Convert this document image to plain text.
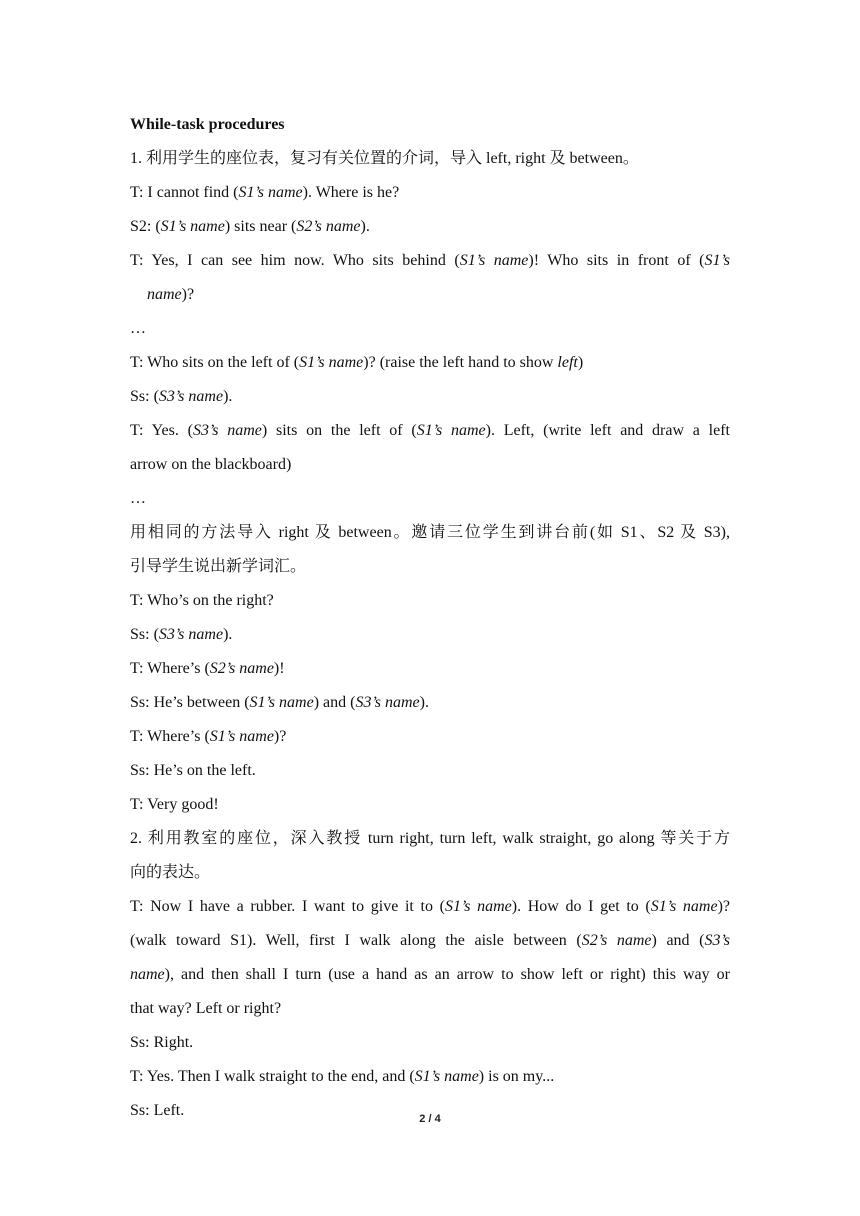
While-task procedures
1. 利用学生的座位表，复习有关位置的介词，导入 left, right 及 between。
T: I cannot find (S1’s name). Where is he?
S2: (S1’s name) sits near (S2’s name).
T: Yes, I can see him now. Who sits behind (S1’s name)! Who sits in front of (S1’s
name)?
…
T: Who sits on the left of (S1’s name)? (raise the left hand to show left)
Ss: (S3’s name).
T: Yes. (S3’s name) sits on the left of (S1’s name). Left, (write left and draw a left
arrow on the blackboard)
…
用相同的方法导入 right 及 between。邀请三位学生到讲台前(如 S1、S2 及 S3),
引导学生说出新学词汇。
T: Who’s on the right?
Ss: (S3’s name).
T: Where’s (S2’s name)!
Ss: He’s between (S1’s name) and (S3’s name).
T: Where’s (S1’s name)?
Ss: He’s on the left.
T: Very good!
2. 利用教室的座位，深入教授 turn right, turn left, walk straight, go along 等关于方
向的表达。
T: Now I have a rubber. I want to give it to (S1’s name). How do I get to (S1’s name)?
(walk toward S1). Well, first I walk along the aisle between (S2’s name) and (S3’s
name), and then shall I turn (use a hand as an arrow to show left or right) this way or
that way? Left or right?
Ss: Right.
T: Yes. Then I walk straight to the end, and (S1’s name) is on my...
Ss: Left.	2 / 4
